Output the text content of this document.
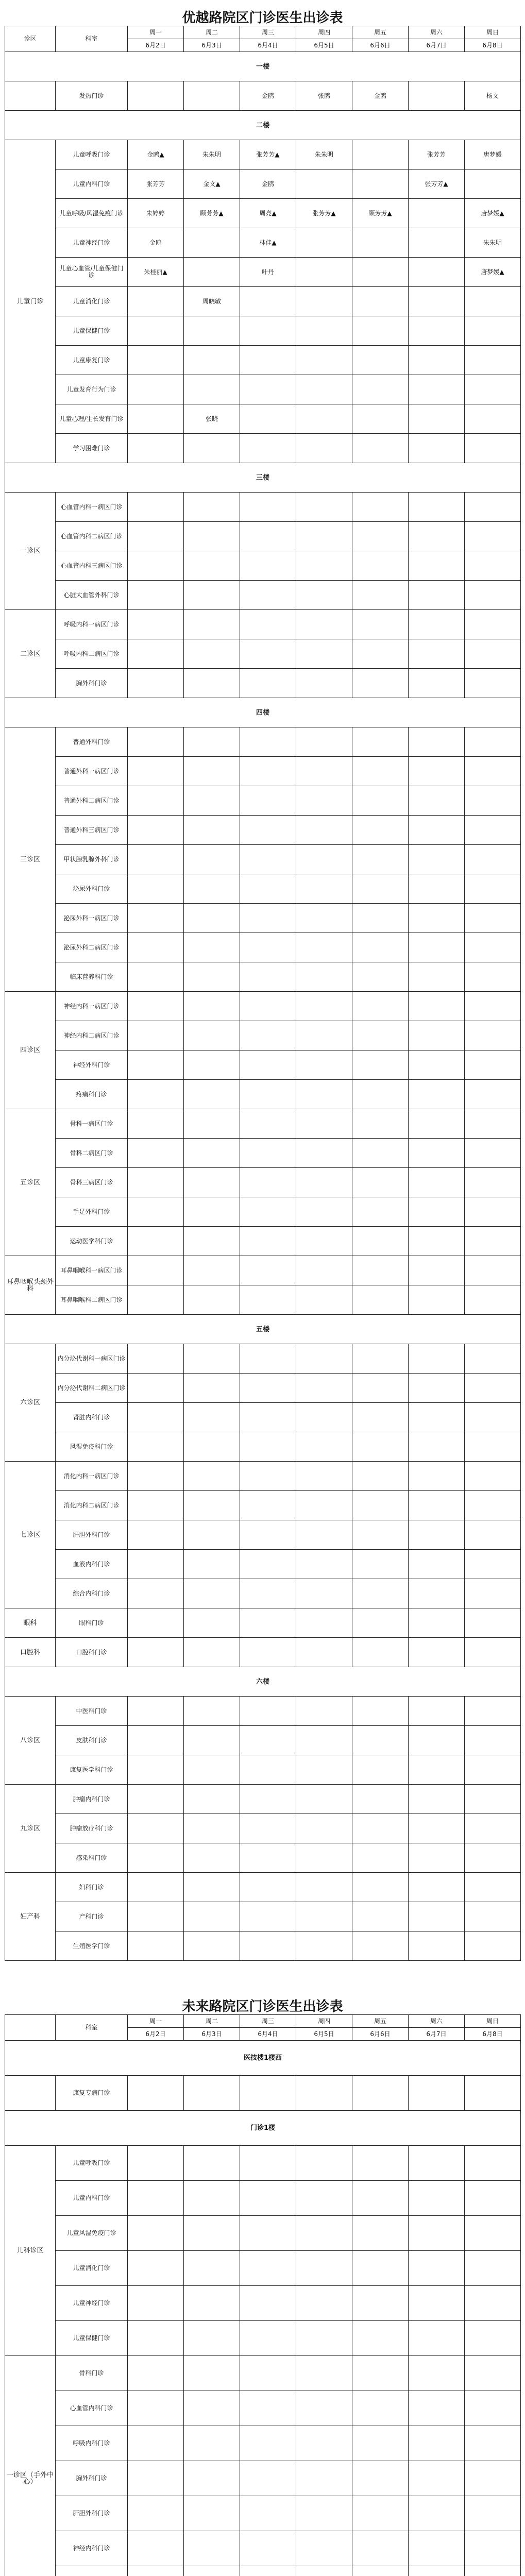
优越路院区门诊医生出诊表
诊区	科室	周一	周二	周三	周四	周五	周六	周日
		6月2日	6月3日	6月4日	6月5日	6月6日	6月7日	6月8日
一楼								
	发热门诊			金鸥	张鸥	金鸥		杨文
二楼								
儿童门诊	儿童呼吸门诊	金鸥▲	朱朱明	张芳芳▲	朱朱明		张芳芳	唐梦媛
	儿童内科门诊	张芳芳	金文▲	金鸥			张芳芳▲	
	儿童呼吸/风湿免疫门诊	朱婷婷	顾芳芳▲	周亮▲	张芳芳▲	顾芳芳▲		唐梦媛▲
	儿童神经门诊	金鸥		林佳▲				朱朱明
	儿童心血管/儿童保健门诊	朱桂丽▲		叶丹				唐梦媛▲
	儿童消化门诊		周晓敏					
	儿童保健门诊							
	儿童康复门诊							
	儿童发育行为门诊							
	儿童心理/生长发育门诊		张晓					
	学习困难门诊							
三楼								
一诊区	心血管内科一病区门诊							
	心血管内科二病区门诊							
	心血管内科三病区门诊							
	心脏大血管外科门诊							
二诊区	呼吸内科一病区门诊							
	呼吸内科二病区门诊							
	胸外科门诊							
四楼								
三诊区	普通外科门诊							
	普通外科一病区门诊							
	普通外科二病区门诊							
	普通外科三病区门诊							
	甲状腺乳腺外科门诊							
	泌尿外科门诊							
	泌尿外科一病区门诊							
	泌尿外科二病区门诊							
	临床营养科门诊							
四诊区	神经内科一病区门诊							
	神经内科二病区门诊							
	神经外科门诊							
	疼痛科门诊							
五诊区	骨科一病区门诊							
	骨科二病区门诊							
	骨科三病区门诊							
	手足外科门诊							
	运动医学科门诊							
耳鼻咽喉头颈外科	耳鼻咽喉科一病区门诊							
	耳鼻咽喉科二病区门诊							
五楼								
六诊区	内分泌代谢科一病区门诊							
	内分泌代谢科二病区门诊							
	肾脏内科门诊							
	风湿免疫科门诊							
七诊区	消化内科一病区门诊							
	消化内科二病区门诊							
	肝胆外科门诊							
	血液内科门诊							
	综合内科门诊							
眼科	眼科门诊							
口腔科	口腔科门诊							
六楼								
八诊区	中医科门诊							
	皮肤科门诊							
	康复医学科门诊							
九诊区	肿瘤内科门诊							
	肿瘤放疗科门诊							
	感染科门诊							
妇产科	妇科门诊							
	产科门诊							
	生殖医学门诊							
未来路院区门诊医生出诊表
	科室	周一	周二	周三	周四	周五	周六	周日
		6月2日	6月3日	6月4日	6月5日	6月6日	6月7日	6月8日
医技楼1楼西								
	康复专病门诊							
门诊1楼								
儿科诊区	儿童呼吸门诊							
	儿童内科门诊							
	儿童风湿免疫门诊							
	儿童消化门诊							
	儿童神经门诊							
	儿童保健门诊							
一诊区（手外中心）	骨科门诊							
	心血管内科门诊							
	呼吸内科门诊							
	胸外科门诊							
	肝胆外科门诊							
	神经内科门诊							
